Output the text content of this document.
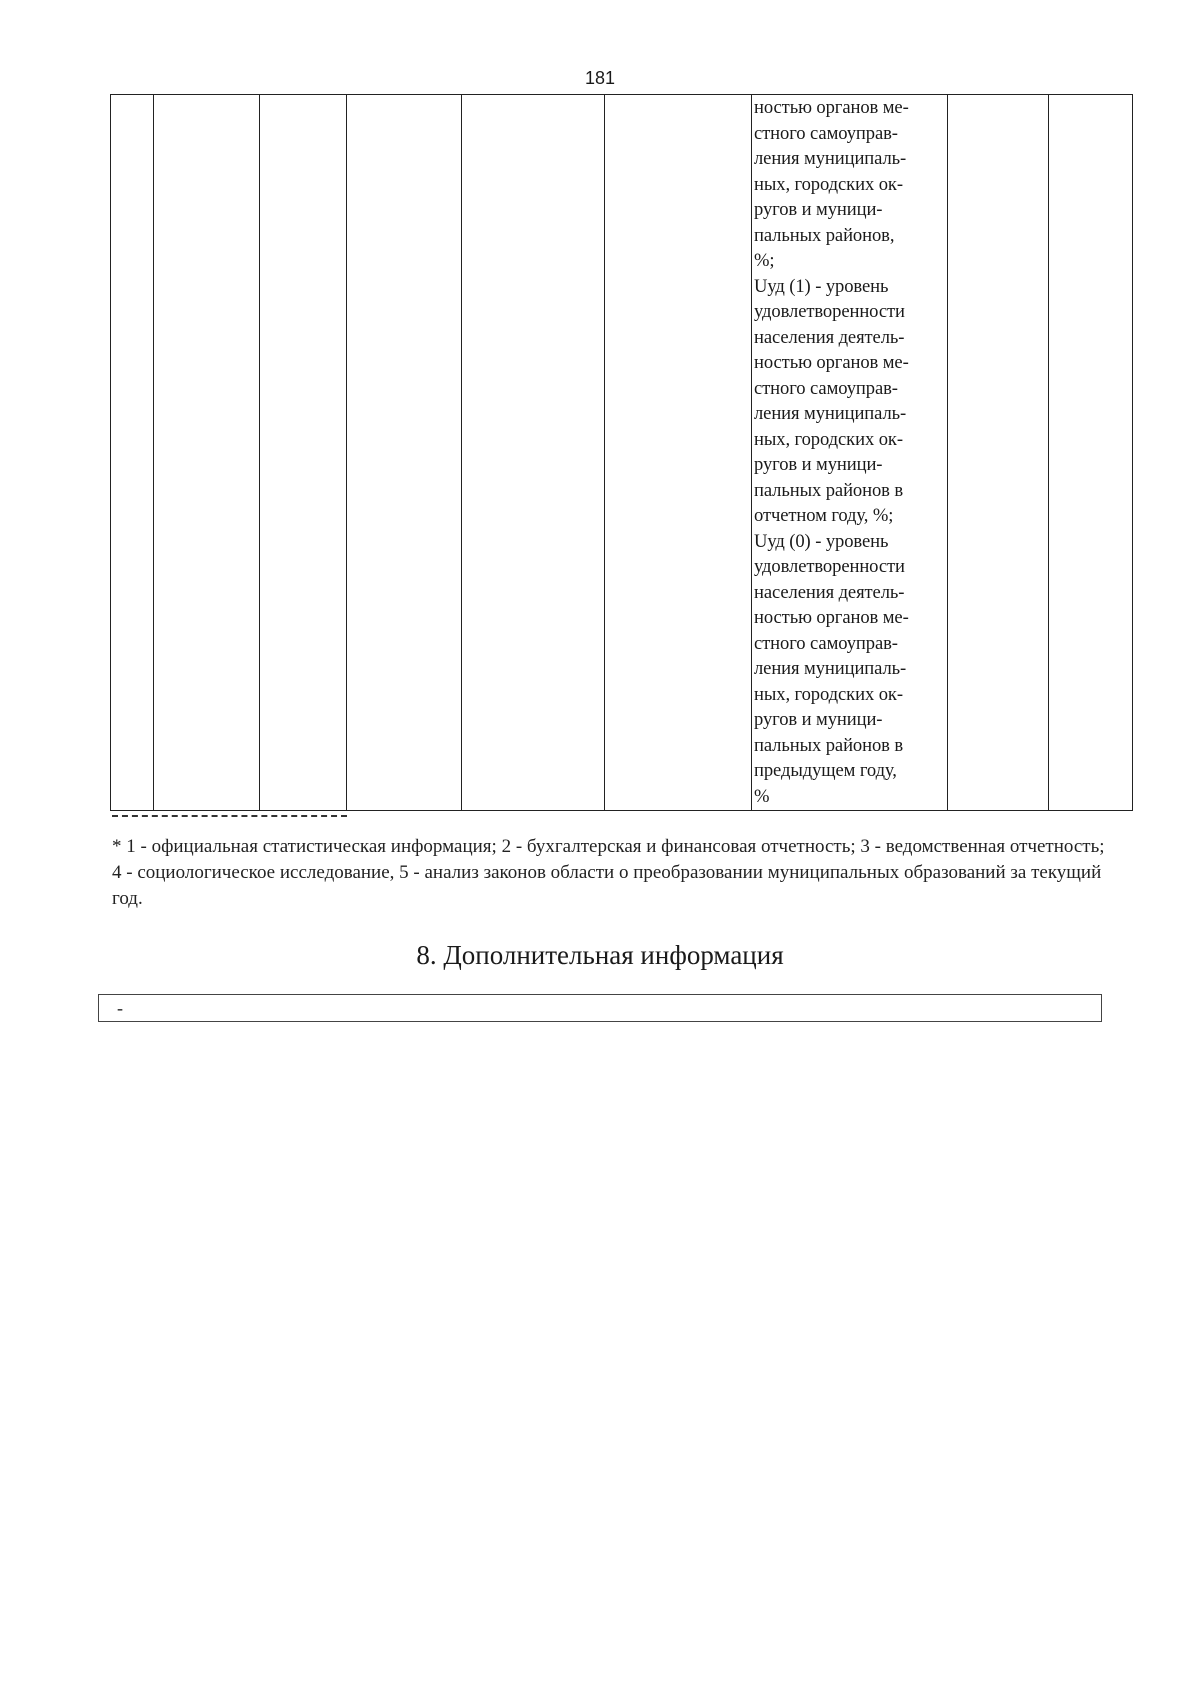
181

ностью органов ме-
стного самоуправ-
ления муниципаль-
ных, городских ок-
ругов и муници-
пальных районов,
%;
Uуд (1) - уровень
удовлетворенности
населения деятель-
ностью органов ме-
стного самоуправ-
ления муниципаль-
ных, городских ок-
ругов и муници-
пальных районов в
отчетном году, %;
Uуд (0) - уровень
удовлетворенности
населения деятель-
ностью органов ме-
стного самоуправ-
ления муниципаль-
ных, городских ок-
ругов и муници-
пальных районов в
предыдущем году,
%

* 1 - официальная статистическая информация; 2 - бухгалтерская и финансовая отчетность; 3 - ведомственная отчетность; 4 - социологическое исследование, 5 - анализ законов области о преобразовании муниципальных образований за текущий год.
8. Дополнительная информация
-
